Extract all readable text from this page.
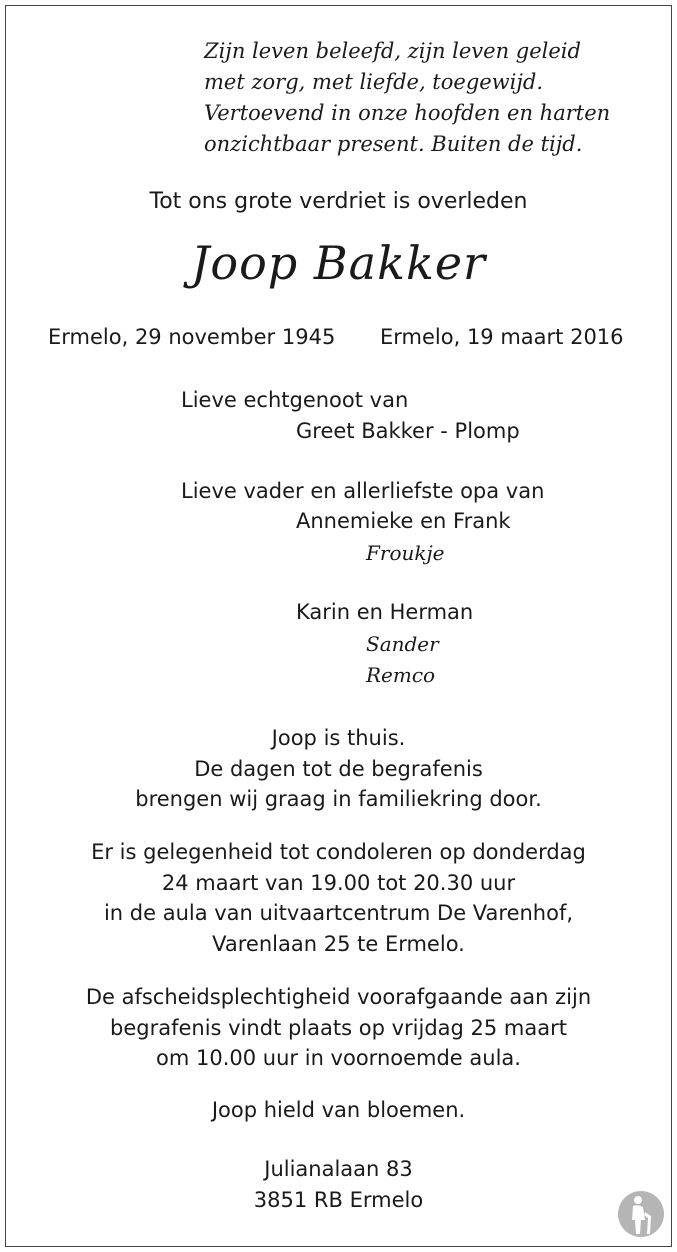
Zijn leven beleefd, zijn leven geleid
met zorg, met liefde, toegewijd.
Vertoevend in onze hoofden en harten
onzichtbaar present. Buiten de tijd.
Tot ons grote verdriet is overleden
Joop Bakker
Ermelo, 29 november 1945 Ermelo, 19 maart 2016
Lieve echtgenoot van
Greet Bakker - Plomp
Lieve vader en allerliefste opa van
Annemieke en Frank
Froukje
Karin en Herman
Sander
Remco
Joop is thuis.
De dagen tot de begrafenis
brengen wij graag in familiekring door.
Er is gelegenheid tot condoleren op donderdag
24 maart van 19.00 tot 20.30 uur
in de aula van uitvaartcentrum De Varenhof,
Varenlaan 25 te Ermelo.
De afscheidsplechtigheid voorafgaande aan zijn
begrafenis vindt plaats op vrijdag 25 maart
om 10.00 uur in voornoemde aula.
Joop hield van bloemen.
Julianalaan 83
3851 RB Ermelo
